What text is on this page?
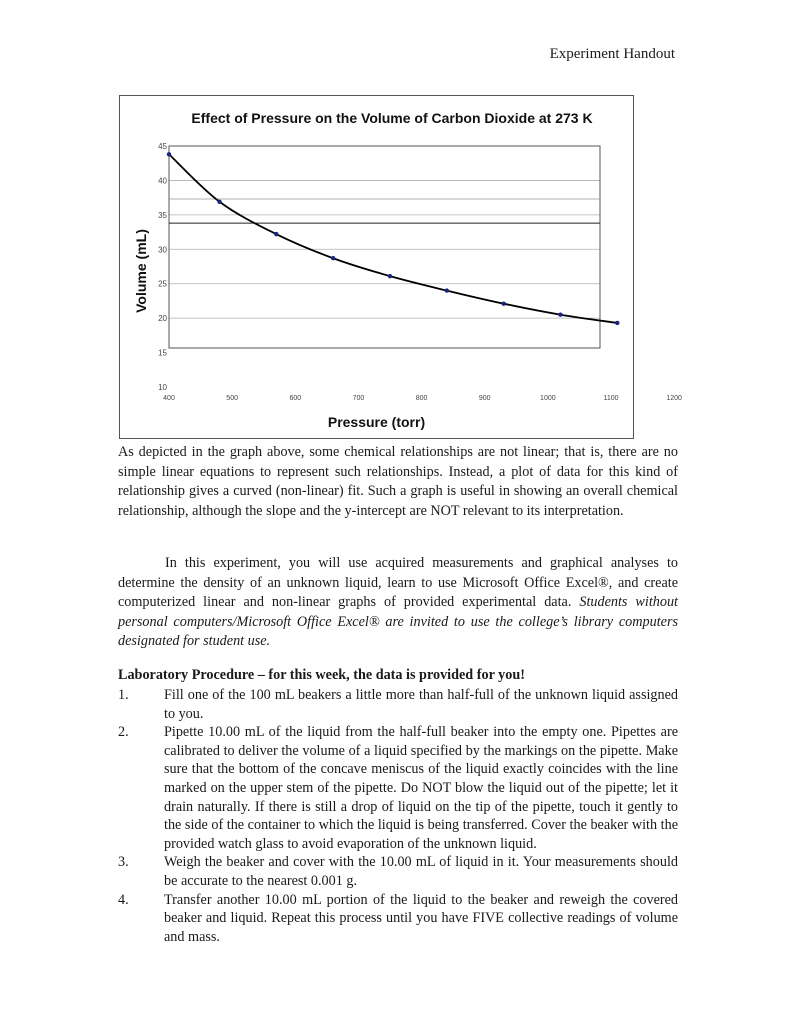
Experiment Handout
Effect of Pressure on the Volume of Carbon Dioxide at 273 K
Volume (mL)
10
15
20
25
30
35
40
45
400	500	600	700	800	900	1000	1100	1200
Pressure (torr)

As depicted in the graph above, some chemical relationships are not linear; that is, there are no simple linear equations to represent such relationships. Instead, a plot of data for this kind of relationship gives a curved (non-linear) fit. Such a graph is useful in showing an overall chemical relationship, although the slope and the y-intercept are NOT relevant to its interpretation.

In this experiment, you will use acquired measurements and graphical analyses to determine the density of an unknown liquid, learn to use Microsoft Office Excel®, and create computerized linear and non-linear graphs of provided experimental data. Students without personal computers/Microsoft Office Excel® are invited to use the college’s library computers designated for student use.

Laboratory Procedure – for this week, the data is provided for you!

1.	Fill one of the 100 mL beakers a little more than half-full of the unknown liquid assigned to you.
2.	Pipette 10.00 mL of the liquid from the half-full beaker into the empty one. Pipettes are calibrated to deliver the volume of a liquid specified by the markings on the pipette. Make sure that the bottom of the concave meniscus of the liquid exactly coincides with the line marked on the upper stem of the pipette. Do NOT blow the liquid out of the pipette; let it drain naturally. If there is still a drop of liquid on the tip of the pipette, touch it gently to the side of the container to which the liquid is being transferred. Cover the beaker with the provided watch glass to avoid evaporation of the unknown liquid.
3.	Weigh the beaker and cover with the 10.00 mL of liquid in it. Your measurements should be accurate to the nearest 0.001 g.
4.	Transfer another 10.00 mL portion of the liquid to the beaker and reweigh the covered beaker and liquid. Repeat this process until you have FIVE collective readings of volume and mass.
